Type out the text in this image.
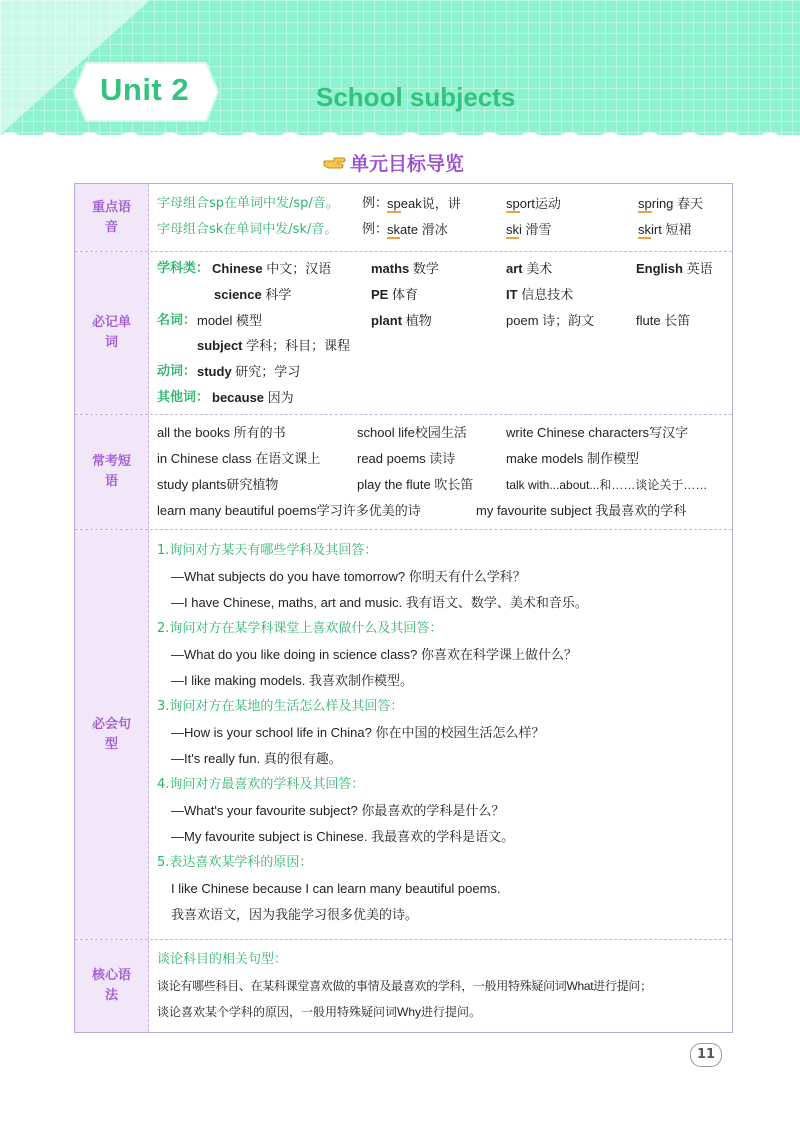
Unit 2	School subjects
单元目标导览
重点语音
字母组合sp在单词中发/sp/音。 例：
speak说，讲	sport运动	spring 春天
字母组合sk在单词中发/sk/音。 例：
skate 滑冰	ski 滑雪	skirt 短裙
必记单词
学科类： Chinese 中文；汉语	maths 数学	art 美术	English 英语
science 科学	PE 体育	IT 信息技术
名词： model 模型	plant 植物	poem 诗；韵文	flute 长笛
subject 学科；科目；课程
动词： study 研究；学习
其他词： because 因为
常考短语
all the books 所有的书	school life校园生活	write Chinese characters写汉字
in Chinese class 在语文课上	read poems 读诗	make models 制作模型
study plants研究植物	play the flute 吹长笛	talk with...about...和……谈论关于……
learn many beautiful poems学习许多优美的诗	my favourite subject 我最喜欢的学科
必会句型
1.询问对方某天有哪些学科及其回答：
—What subjects do you have tomorrow? 你明天有什么学科？
—I have Chinese, maths, art and music. 我有语文、数学、美术和音乐。
2.询问对方在某学科课堂上喜欢做什么及其回答：
—What do you like doing in science class? 你喜欢在科学课上做什么？
—I like making models. 我喜欢制作模型。
3.询问对方在某地的生活怎么样及其回答：
—How is your school life in China? 你在中国的校园生活怎么样？
—It's really fun. 真的很有趣。
4.询问对方最喜欢的学科及其回答：
—What's your favourite subject? 你最喜欢的学科是什么？
—My favourite subject is Chinese. 我最喜欢的学科是语文。
5.表达喜欢某学科的原因：
I like Chinese because I can learn many beautiful poems.
我喜欢语文，因为我能学习很多优美的诗。
核心语法
谈论科目的相关句型：
谈论有哪些科目、在某科课堂喜欢做的事情及最喜欢的学科，一般用特殊疑问词What进行提问；
谈论喜欢某个学科的原因，一般用特殊疑问词Why进行提问。
11
